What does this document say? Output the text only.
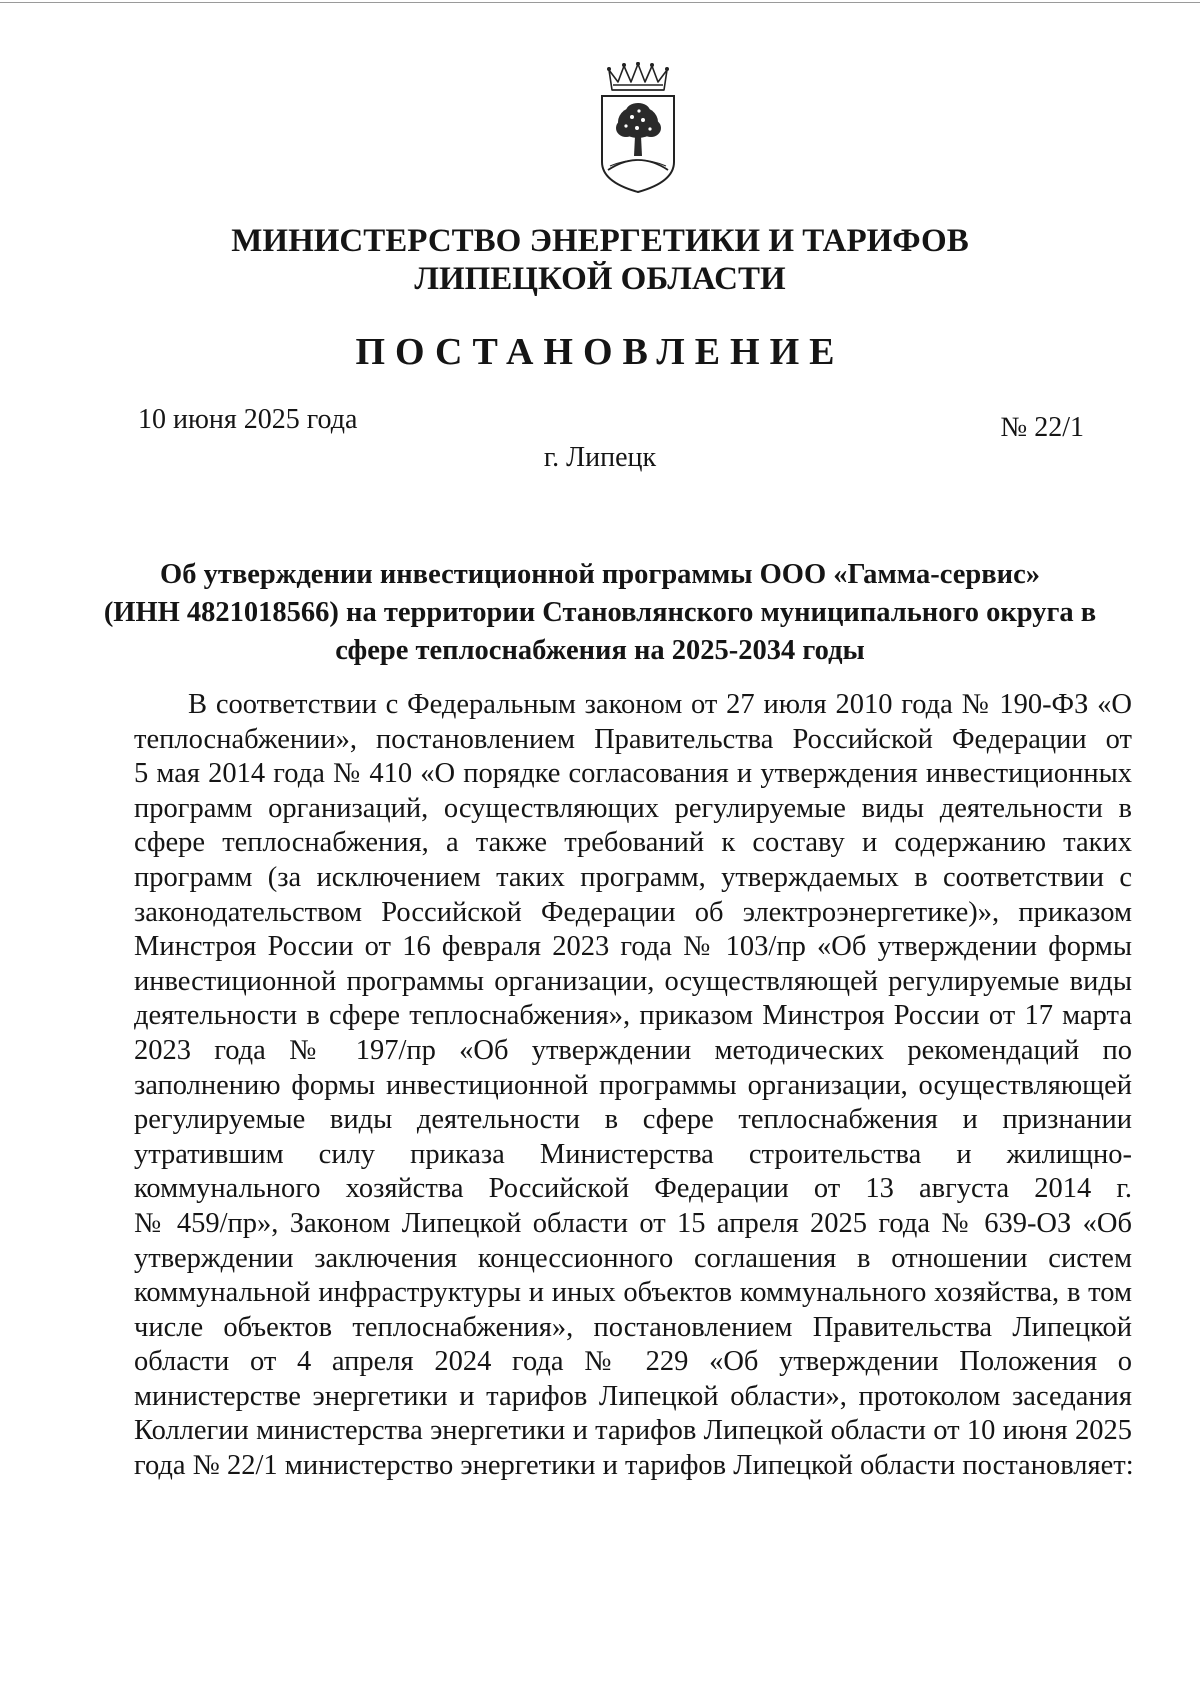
МИНИСТЕРСТВО ЭНЕРГЕТИКИ И ТАРИФОВ

ЛИПЕЦКОЙ ОБЛАСТИ

ПОСТАНОВЛЕНИЕ

10 июня 2025 года	№ 22/1

г. Липецк

Об утверждении инвестиционной программы ООО «Гамма-сервис»
(ИНН 4821018566) на территории Становлянского муниципального округа в
сфере теплоснабжения на 2025-2034 годы
В соответствии с Федеральным законом от 27 июля 2010 года № 190-ФЗ «О
теплоснабжении», постановлением Правительства Российской Федерации от
5 мая 2014 года № 410 «О порядке согласования и утверждения инвестиционных
программ организаций, осуществляющих регулируемые виды деятельности в
сфере теплоснабжения, а также требований к составу и содержанию таких
программ (за исключением таких программ, утверждаемых в соответствии с
законодательством Российской Федерации об электроэнергетике)», приказом
Минстроя России от 16 февраля 2023 года № 103/пр «Об утверждении формы
инвестиционной программы организации, осуществляющей регулируемые виды
деятельности в сфере теплоснабжения», приказом Минстроя России от 17 марта
2023 года № 197/пр «Об утверждении методических рекомендаций по
заполнению формы инвестиционной программы организации, осуществляющей
регулируемые виды деятельности в сфере теплоснабжения и признании
утратившим силу приказа Министерства строительства и жилищно-
коммунального хозяйства Российской Федерации от 13 августа 2014 г.
№ 459/пр», Законом Липецкой области от 15 апреля 2025 года № 639-ОЗ «Об
утверждении заключения концессионного соглашения в отношении систем
коммунальной инфраструктуры и иных объектов коммунального хозяйства, в том
числе объектов теплоснабжения», постановлением Правительства Липецкой
области от 4 апреля 2024 года № 229 «Об утверждении Положения о
министерстве энергетики и тарифов Липецкой области», протоколом заседания
Коллегии министерства энергетики и тарифов Липецкой области от 10 июня 2025
года № 22/1 министерство энергетики и тарифов Липецкой области постановляет:
